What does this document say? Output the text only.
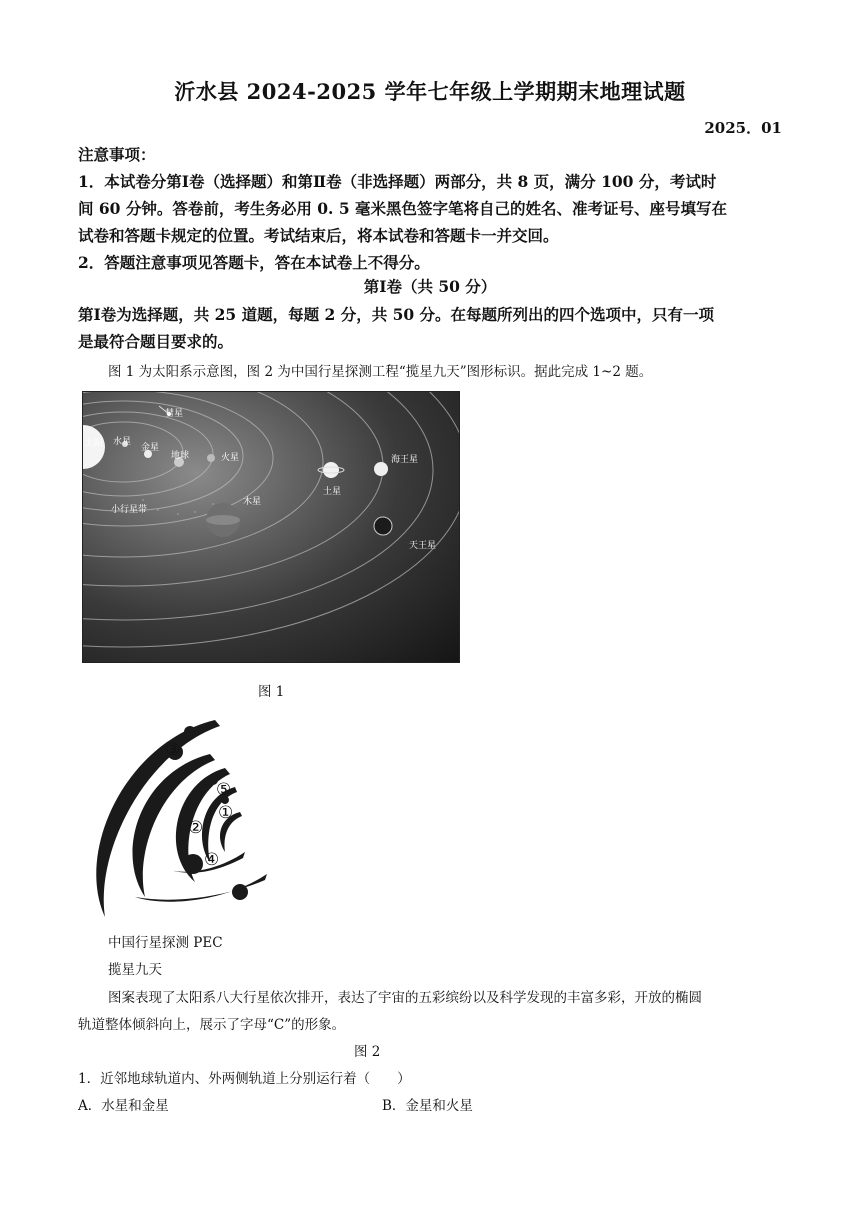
沂水县 2024-2025 学年七年级上学期期末地理试题
2025．01
注意事项：
1．本试卷分第Ⅰ卷（选择题）和第Ⅱ卷（非选择题）两部分，共 8 页，满分 100 分，考试时
间 60 分钟。答卷前，考生务必用 0. 5 毫米黑色签字笔将自己的姓名、准考证号、座号填写在
试卷和答题卡规定的位置。考试结束后，将本试卷和答题卡一并交回。
2．答题注意事项见答题卡，答在本试卷上不得分。
第Ⅰ卷（共 50 分）
第Ⅰ卷为选择题，共 25 道题，每题 2 分，共 50 分。在每题所列出的四个选项中，只有一项
是最符合题目要求的。
图 1 为太阳系示意图，图 2 为中国行星探测工程“揽星九天”图形标识。据此完成 1~2 题。
太阳 水星
金星
地球	火星
彗星
小行星带
木星
土星
海王星
天王星
图 1
③
①
②
④
⑤
中国行星探测 PEC
揽星九天
图案表现了太阳系八大行星依次排开，表达了宇宙的五彩缤纷以及科学发现的丰富多彩，开放的椭圆
轨道整体倾斜向上，展示了字母“C”的形象。
图 2
1．近邻地球轨道内、外两侧轨道上分别运行着（　　）
A．水星和金星	B．金星和火星
